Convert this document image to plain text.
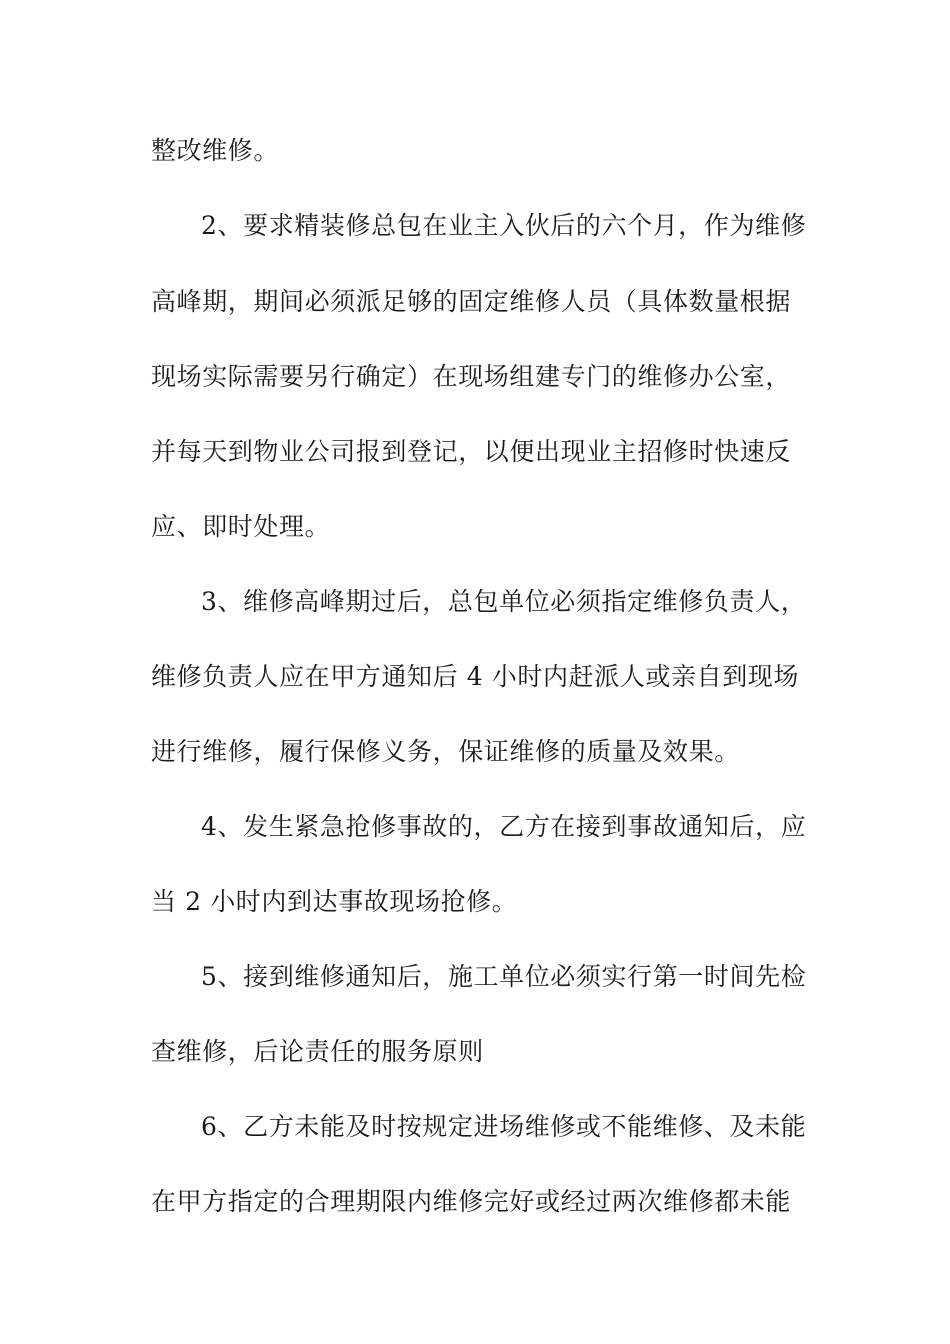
整改维修。
2、要求精装修总包在业主入伙后的六个月，作为维修
高峰期，期间必须派足够的固定维修人员（具体数量根据
现场实际需要另行确定）在现场组建专门的维修办公室，
并每天到物业公司报到登记，以便出现业主招修时快速反
应、即时处理。
3、维修高峰期过后，总包单位必须指定维修负责人，
维修负责人应在甲方通知后 4 小时内赶派人或亲自到现场
进行维修，履行保修义务，保证维修的质量及效果。
4、发生紧急抢修事故的，乙方在接到事故通知后，应
当 2 小时内到达事故现场抢修。
5、接到维修通知后，施工单位必须实行第一时间先检
查维修，后论责任的服务原则
6、乙方未能及时按规定进场维修或不能维修、及未能
在甲方指定的合理期限内维修完好或经过两次维修都未能
